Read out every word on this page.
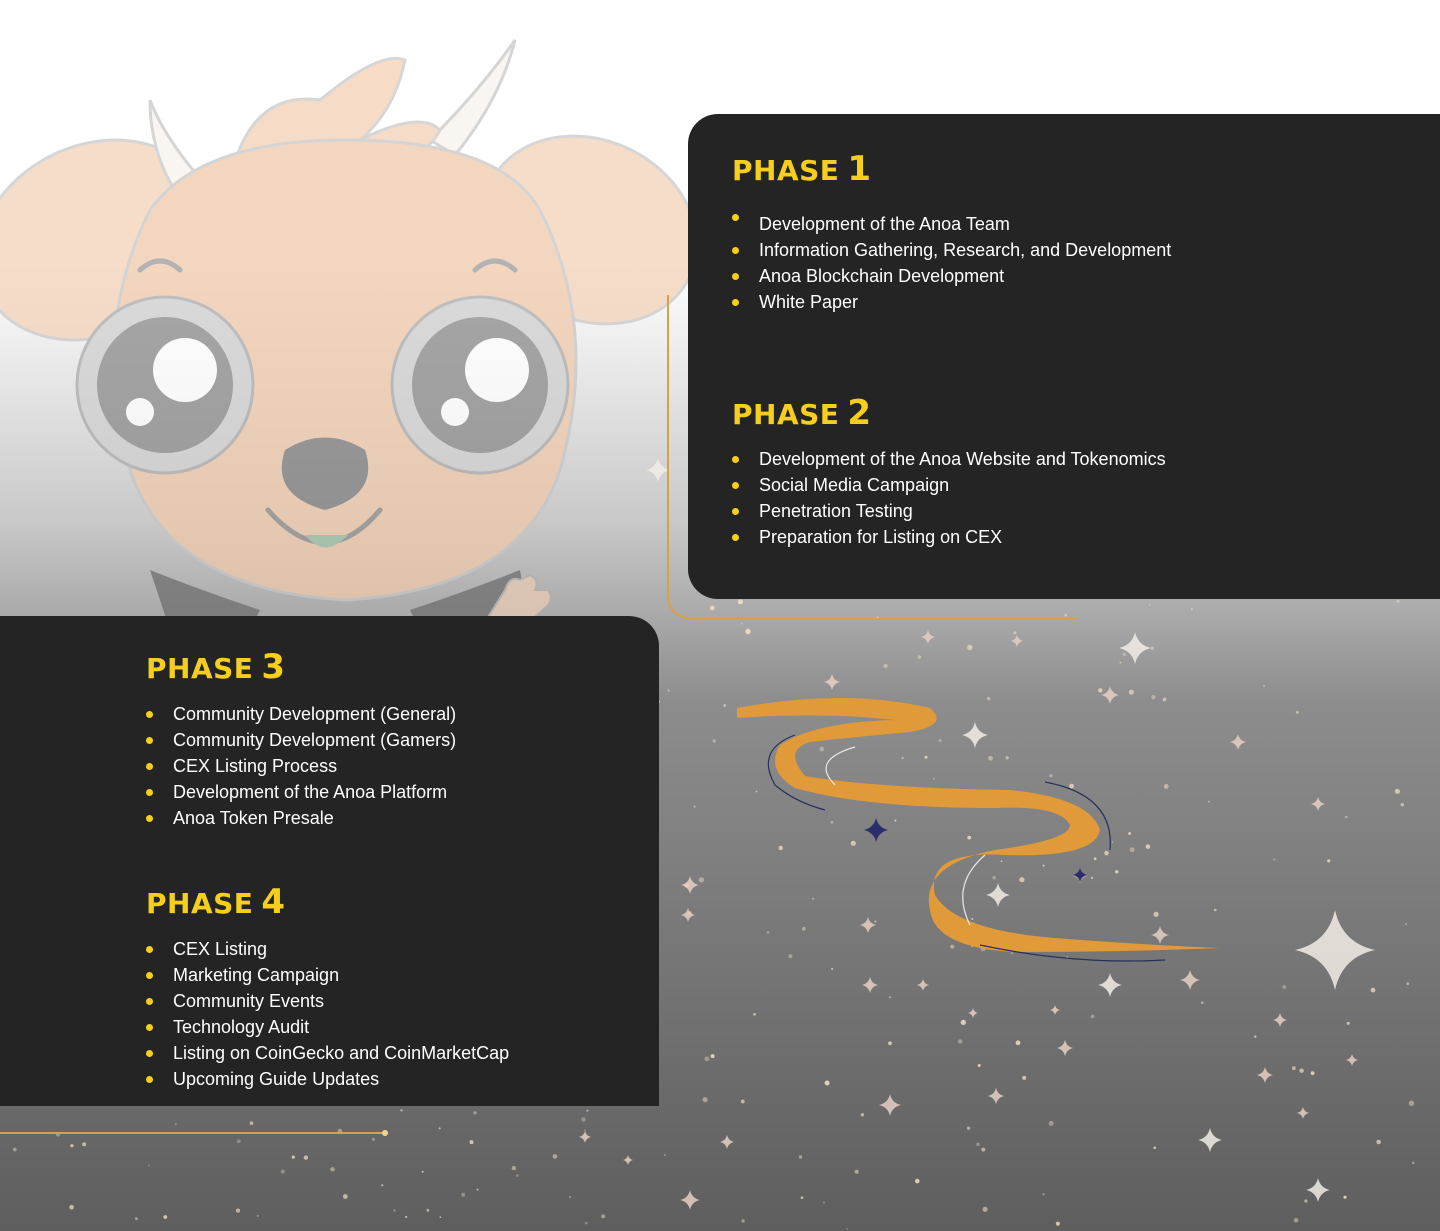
PHASE 1
Development of the Anoa Team
Information Gathering, Research, and Development
Anoa Blockchain Development
White Paper
PHASE 2
Development of the Anoa Website and Tokenomics
Social Media Campaign
Penetration Testing
Preparation for Listing on CEX
PHASE 3
Community Development (General)
Community Development (Gamers)
CEX Listing Process
Development of the Anoa Platform
Anoa Token Presale
PHASE 4
CEX Listing
Marketing Campaign
Community Events
Technology Audit
Listing on CoinGecko and CoinMarketCap
Upcoming Guide Updates
